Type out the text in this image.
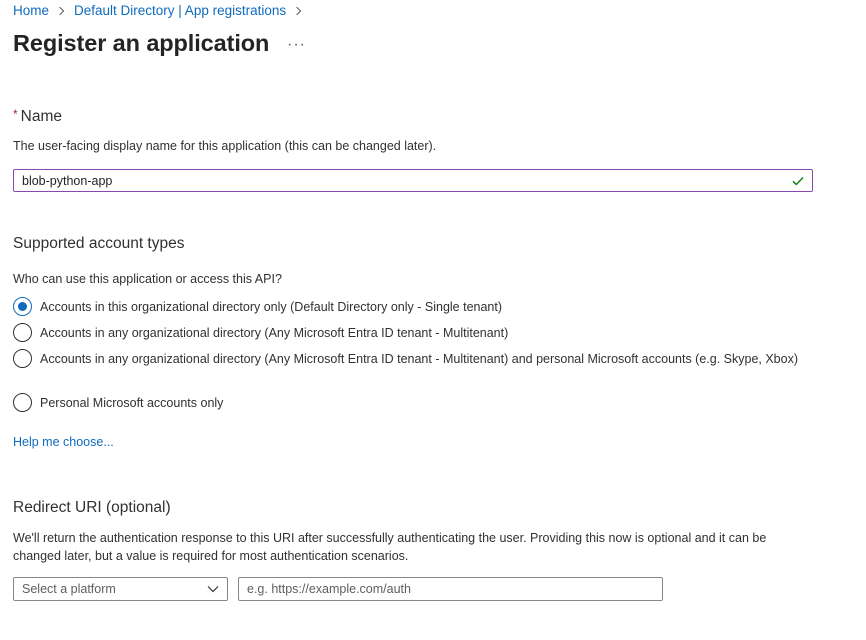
Home Default Directory | App registrations
Register an application ···
* Name
The user-facing display name for this application (this can be changed later).
blob-python-app
Supported account types
Who can use this application or access this API?
Accounts in this organizational directory only (Default Directory only - Single tenant)
Accounts in any organizational directory (Any Microsoft Entra ID tenant - Multitenant)
Accounts in any organizational directory (Any Microsoft Entra ID tenant - Multitenant) and personal Microsoft accounts (e.g. Skype, Xbox)
Personal Microsoft accounts only
Help me choose...
Redirect URI (optional)
We'll return the authentication response to this URI after successfully authenticating the user. Providing this now is optional and it can be changed later, but a value is required for most authentication scenarios.
Select a platform
e.g. https://example.com/auth
